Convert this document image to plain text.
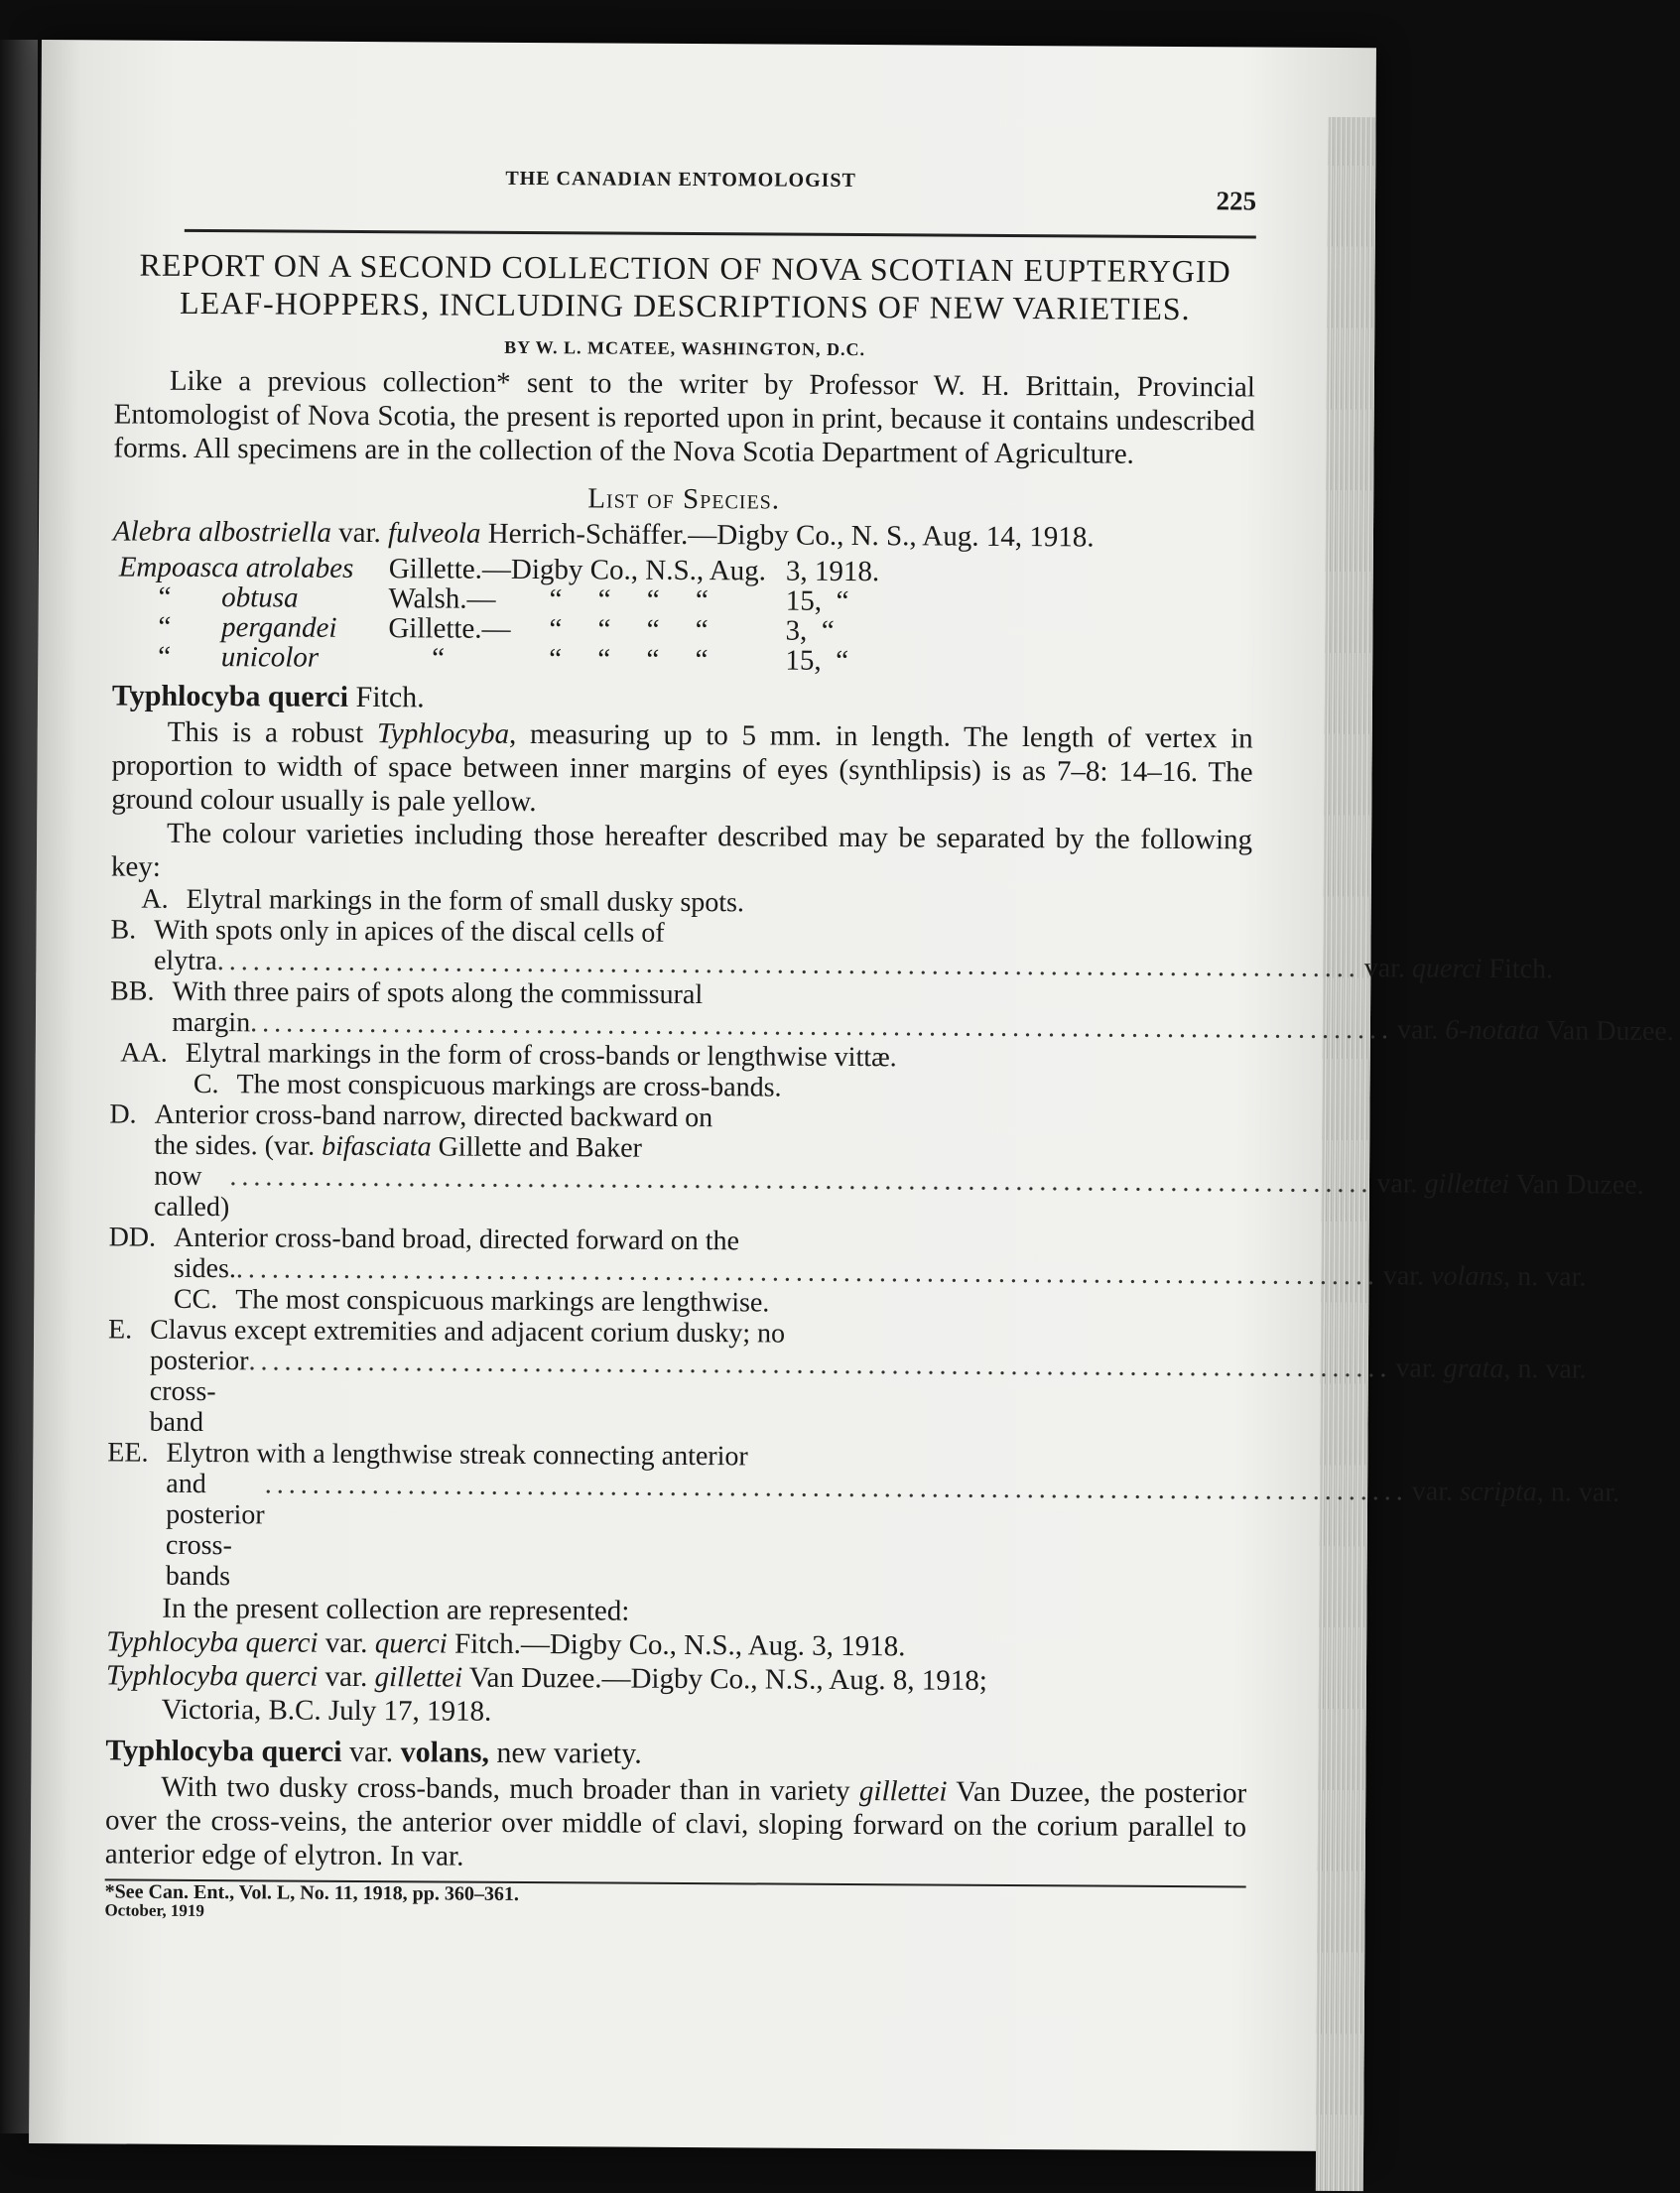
THE CANADIAN ENTOMOLOGIST
225
REPORT ON A SECOND COLLECTION OF NOVA SCOTIAN EUPTERYGID LEAF-HOPPERS, INCLUDING DESCRIPTIONS OF NEW VARIETIES.
BY W. L. MCATEE, WASHINGTON, D.C.

Like a previous collection* sent to the writer by Professor W. H. Brittain, Provincial Entomologist of Nova Scotia, the present is reported upon in print, because it contains undescribed forms. All specimens are in the collection of the Nova Scotia Department of Agriculture.

List of Species.

Alebra albostriella var. fulveola Herrich-Schäffer.—Digby Co., N. S., Aug. 14, 1918.

Empoasca atrolabes	Gillette.—Digby Co., N.S., Aug.		3, 1918.
“ obtusa	Walsh.—	“     “     “     “	15,  “
“ pergandei	Gillette.—	“     “     “     “	3,  “
“ unicolor	“	“     “     “     “	15,  “

Typhlocyba querci Fitch.

This is a robust Typhlocyba, measuring up to 5 mm. in length. The length of vertex in proportion to width of space between inner margins of eyes (synthlipsis) is as 7–8: 14–16. The ground colour usually is pale yellow.

The colour varieties including those hereafter described may be separated by the following key:

A. Elytral markings in the form of small dusky spots.
B. With spots only in apices of the discal cells of
elytra ................................................................................................ var. querci Fitch.
BB. With three pairs of spots along the commissural
margin ................................................................................................ var. 6-notata Van Duzee.
AA. Elytral markings in the form of cross-bands or lengthwise vittæ.
C. The most conspicuous markings are cross-bands.
D. Anterior cross-band narrow, directed backward on
the sides. (var. bifasciata Gillette and Baker
now called)
................................................................................................ var. gillettei Van Duzee.
DD. Anterior cross-band broad, directed forward on the
sides. ................................................................................................ var. volans, n. var.
CC. The most conspicuous markings are lengthwise.
E. Clavus except extremities and adjacent corium dusky; no
posterior cross-band
................................................................................................ var. grata, n. var.
EE. Elytron with a lengthwise streak connecting anterior
and posterior cross-bands
................................................................................................ var. scripta, n. var.

In the present collection are represented:

Typhlocyba querci var. querci Fitch.—Digby Co., N.S., Aug. 3, 1918.

Typhlocyba querci var. gillettei Van Duzee.—Digby Co., N.S., Aug. 8, 1918;

Victoria, B.C. July 17, 1918.

Typhlocyba querci var. volans, new variety.

With two dusky cross-bands, much broader than in variety gillettei Van Duzee, the posterior over the cross-veins, the anterior over middle of clavi, sloping forward on the corium parallel to anterior edge of elytron. In var.

*See Can. Ent., Vol. L, No. 11, 1918, pp. 360–361.
October, 1919
